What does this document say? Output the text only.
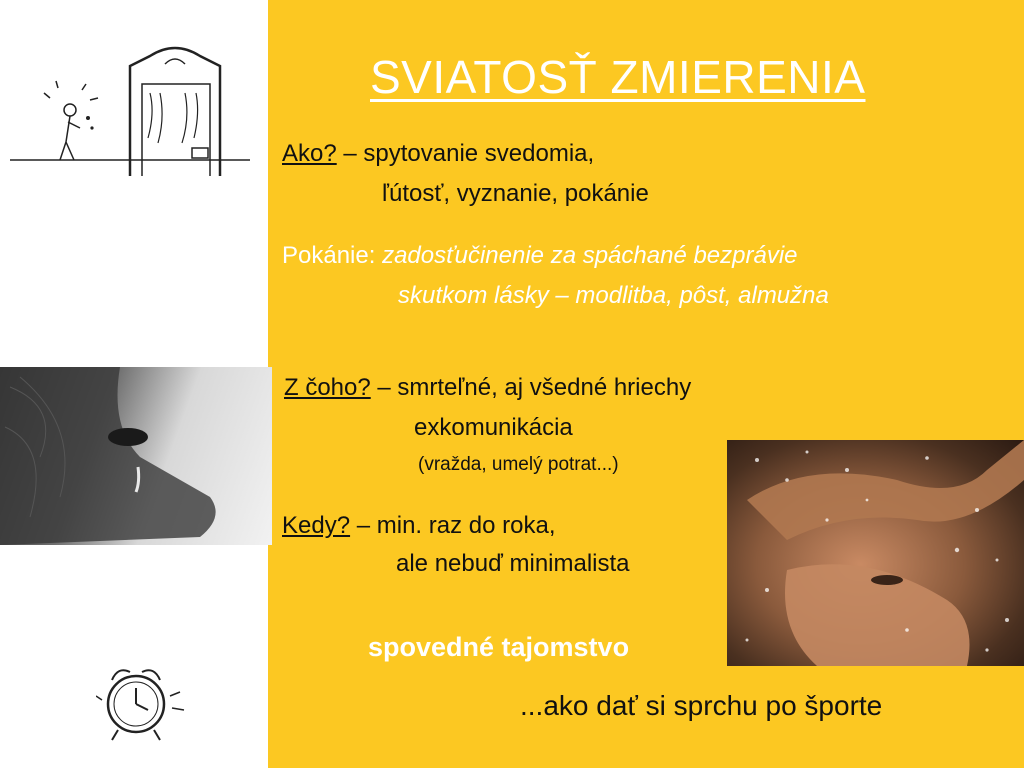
SVIATOSŤ ZMIERENIA
Ako? – spytovanie svedomia,
ľútosť, vyznanie, pokánie
Pokánie: zadosťučinenie za spáchané bezprávie
skutkom lásky – modlitba, pôst, almužna
Z čoho? – smrteľné, aj všedné hriechy
exkomunikácia
(vražda, umelý potrat...)
Kedy? – min. raz do roka,
ale nebuď minimalista
spovedné tajomstvo
...ako dať si sprchu po športe
